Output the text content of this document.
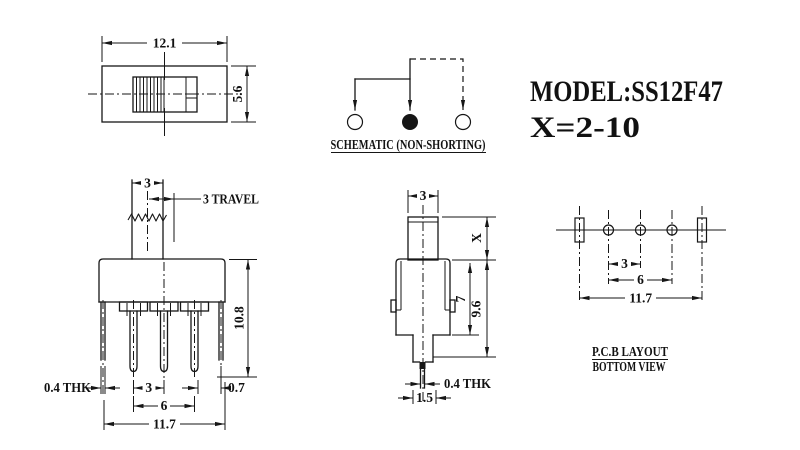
12.1
5.6
SCHEMATIC (NON-SHORTING)
MODEL:SS12F47
X=2-10
3
3 TRAVEL
0.4 THK	3	0.7
6
11.7
10.8
3
X
7
9.6
0.4 THK
1.5
3
6
11.7
P.C.B LAYOUT
BOTTOM VIEW
